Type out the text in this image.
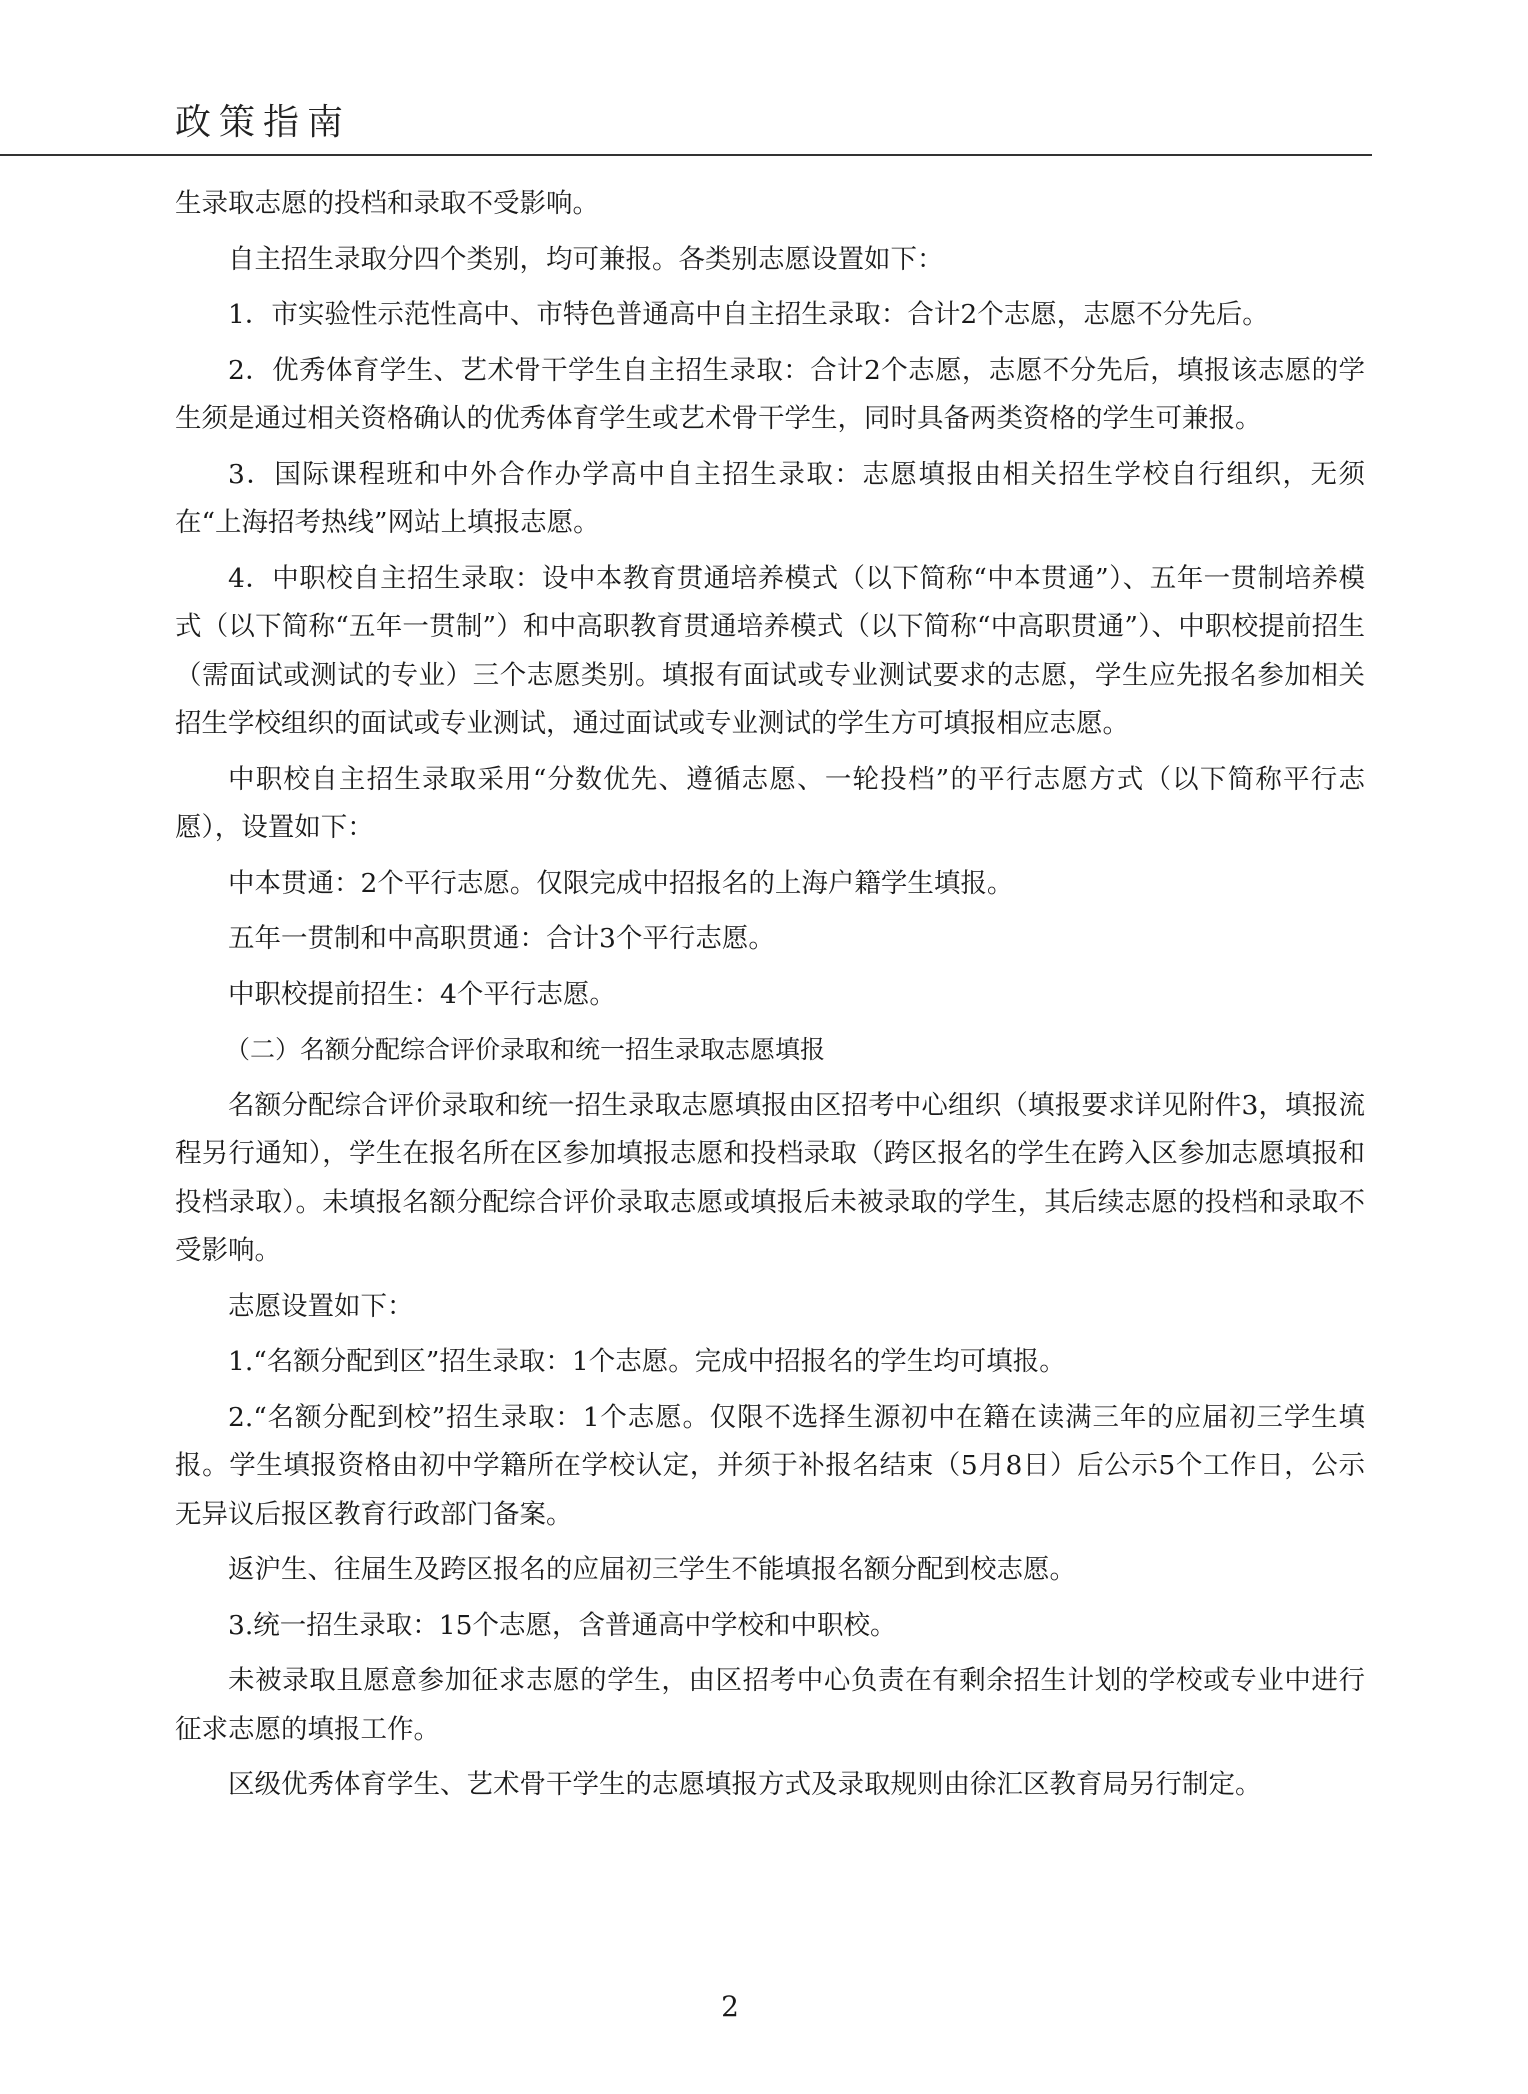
政策指南

生录取志愿的投档和录取不受影响。

自主招生录取分四个类别，均可兼报。各类别志愿设置如下：

1．市实验性示范性高中、市特色普通高中自主招生录取：合计2个志愿，志愿不分先后。

2．优秀体育学生、艺术骨干学生自主招生录取：合计2个志愿，志愿不分先后，填报该志愿的学生须是通过相关资格确认的优秀体育学生或艺术骨干学生，同时具备两类资格的学生可兼报。

3．国际课程班和中外合作办学高中自主招生录取：志愿填报由相关招生学校自行组织，无须在“上海招考热线”网站上填报志愿。

4．中职校自主招生录取：设中本教育贯通培养模式（以下简称“中本贯通”）、五年一贯制培养模式（以下简称“五年一贯制”）和中高职教育贯通培养模式（以下简称“中高职贯通”）、中职校提前招生（需面试或测试的专业）三个志愿类别。填报有面试或专业测试要求的志愿，学生应先报名参加相关招生学校组织的面试或专业测试，通过面试或专业测试的学生方可填报相应志愿。

中职校自主招生录取采用“分数优先、遵循志愿、一轮投档”的平行志愿方式（以下简称平行志愿），设置如下：

中本贯通：2个平行志愿。仅限完成中招报名的上海户籍学生填报。

五年一贯制和中高职贯通：合计3个平行志愿。

中职校提前招生：4个平行志愿。

（二）名额分配综合评价录取和统一招生录取志愿填报

名额分配综合评价录取和统一招生录取志愿填报由区招考中心组织（填报要求详见附件3，填报流程另行通知），学生在报名所在区参加填报志愿和投档录取（跨区报名的学生在跨入区参加志愿填报和投档录取）。未填报名额分配综合评价录取志愿或填报后未被录取的学生，其后续志愿的投档和录取不受影响。

志愿设置如下：

1.“名额分配到区”招生录取：1个志愿。完成中招报名的学生均可填报。

2.“名额分配到校”招生录取：1个志愿。仅限不选择生源初中在籍在读满三年的应届初三学生填报。学生填报资格由初中学籍所在学校认定，并须于补报名结束（5月8日）后公示5个工作日，公示无异议后报区教育行政部门备案。

返沪生、往届生及跨区报名的应届初三学生不能填报名额分配到校志愿。

3.统一招生录取：15个志愿，含普通高中学校和中职校。

未被录取且愿意参加征求志愿的学生，由区招考中心负责在有剩余招生计划的学校或专业中进行征求志愿的填报工作。

区级优秀体育学生、艺术骨干学生的志愿填报方式及录取规则由徐汇区教育局另行制定。

2
